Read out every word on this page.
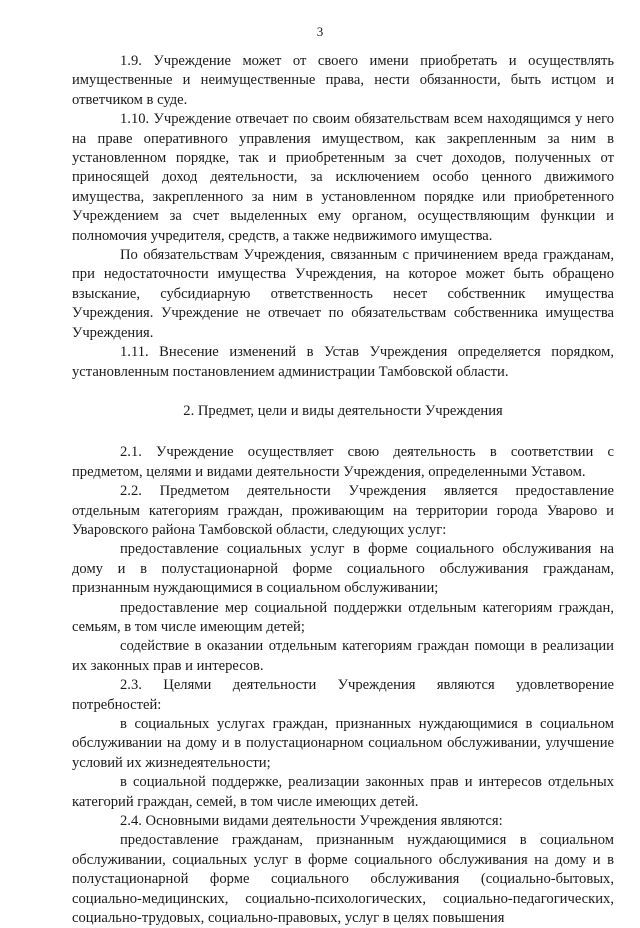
3

1.9. Учреждение может от своего имени приобретать и осуществлять имущественные и неимущественные права, нести обязанности, быть истцом и ответчиком в суде.

1.10. Учреждение отвечает по своим обязательствам всем находящимся у него на праве оперативного управления имуществом, как закрепленным за ним в установленном порядке, так и приобретенным за счет доходов, полученных от приносящей доход деятельности, за исключением особо ценного движимого имущества, закрепленного за ним в установленном порядке или приобретенного Учреждением за счет выделенных ему органом, осуществляющим функции и полномочия учредителя, средств, а также недвижимого имущества.

По обязательствам Учреждения, связанным с причинением вреда гражданам, при недостаточности имущества Учреждения, на которое может быть обращено взыскание, субсидиарную ответственность несет собственник имущества Учреждения. Учреждение не отвечает по обязательствам собственника имущества Учреждения.

1.11. Внесение изменений в Устав Учреждения определяется порядком, установленным постановлением администрации Тамбовской области.

2. Предмет, цели и виды деятельности Учреждения

2.1. Учреждение осуществляет свою деятельность в соответствии с предметом, целями и видами деятельности Учреждения, определенными Уставом.

2.2. Предметом деятельности Учреждения является предоставление отдельным категориям граждан, проживающим на территории города Уварово и Уваровского района Тамбовской области, следующих услуг:

предоставление социальных услуг в форме социального обслуживания на дому и в полустационарной форме социального обслуживания гражданам, признанным нуждающимися в социальном обслуживании;

предоставление мер социальной поддержки отдельным категориям граждан, семьям, в том числе имеющим детей;

содействие в оказании отдельным категориям граждан помощи в реализации их законных прав и интересов.

2.3. Целями деятельности Учреждения являются удовлетворение потребностей:

в социальных услугах граждан, признанных нуждающимися в социальном обслуживании на дому и в полустационарном социальном обслуживании, улучшение условий их жизнедеятельности;

в социальной поддержке, реализации законных прав и интересов отдельных категорий граждан, семей, в том числе имеющих детей.

2.4. Основными видами деятельности Учреждения являются:

предоставление гражданам, признанным нуждающимися в социальном обслуживании, социальных услуг в форме социального обслуживания на дому и в полустационарной форме социального обслуживания (социально-бытовых, социально-медицинских, социально-психологических, социально-педагогических, социально-трудовых, социально-правовых, услуг в целях повышения
